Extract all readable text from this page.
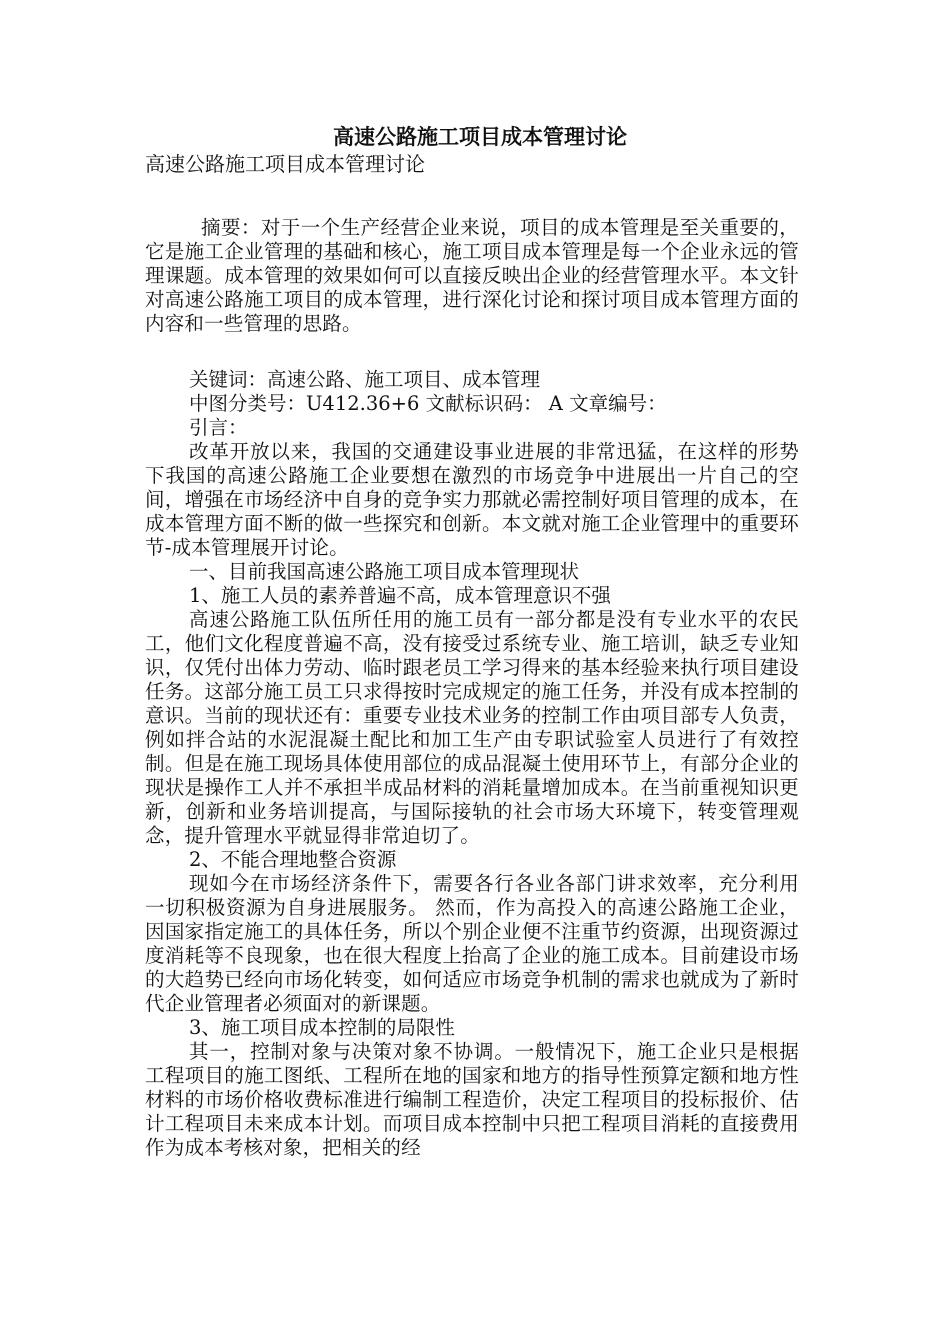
高速公路施工项目成本管理讨论
高速公路施工项目成本管理讨论

摘要：对于一个生产经营企业来说，项目的成本管理是至关重要的，它是施工企业管理的基础和核心，施工项目成本管理是每一个企业永远的管理课题。成本管理的效果如何可以直接反映出企业的经营管理水平。本文针对高速公路施工项目的成本管理，进行深化讨论和探讨项目成本管理方面的内容和一些管理的思路。

关键词：高速公路、施工项目、成本管理
中图分类号：U412.36+6 文献标识码： A 文章编号：
引言：

改革开放以来，我国的交通建设事业进展的非常迅猛，在这样的形势下我国的高速公路施工企业要想在激烈的市场竞争中进展出一片自己的空间，增强在市场经济中自身的竞争实力那就必需控制好项目管理的成本，在成本管理方面不断的做一些探究和创新。本文就对施工企业管理中的重要环节-成本管理展开讨论。

一、目前我国高速公路施工项目成本管理现状
1、施工人员的素养普遍不高，成本管理意识不强

高速公路施工队伍所任用的施工员有一部分都是没有专业水平的农民工，他们文化程度普遍不高，没有接受过系统专业、施工培训，缺乏专业知识，仅凭付出体力劳动、临时跟老员工学习得来的基本经验来执行项目建设任务。这部分施工员工只求得按时完成规定的施工任务，并没有成本控制的意识。当前的现状还有：重要专业技术业务的控制工作由项目部专人负责，例如拌合站的水泥混凝土配比和加工生产由专职试验室人员进行了有效控制。但是在施工现场具体使用部位的成品混凝土使用环节上，有部分企业的现状是操作工人并不承担半成品材料的消耗量增加成本。在当前重视知识更新，创新和业务培训提高，与国际接轨的社会市场大环境下，转变管理观念，提升管理水平就显得非常迫切了。

2、不能合理地整合资源

现如今在市场经济条件下，需要各行各业各部门讲求效率，充分利用一切积极资源为自身进展服务。 然而，作为高投入的高速公路施工企业，因国家指定施工的具体任务，所以个别企业便不注重节约资源，出现资源过度消耗等不良现象，也在很大程度上抬高了企业的施工成本。目前建设市场的大趋势已经向市场化转变，如何适应市场竞争机制的需求也就成为了新时代企业管理者必须面对的新课题。

3、施工项目成本控制的局限性

其一，控制对象与决策对象不协调。一般情况下，施工企业只是根据工程项目的施工图纸、工程所在地的国家和地方的指导性预算定额和地方性材料的市场价格收费标准进行编制工程造价，决定工程项目的投标报价、估计工程项目未来成本计划。而项目成本控制中只把工程项目消耗的直接费用作为成本考核对象，把相关的经
